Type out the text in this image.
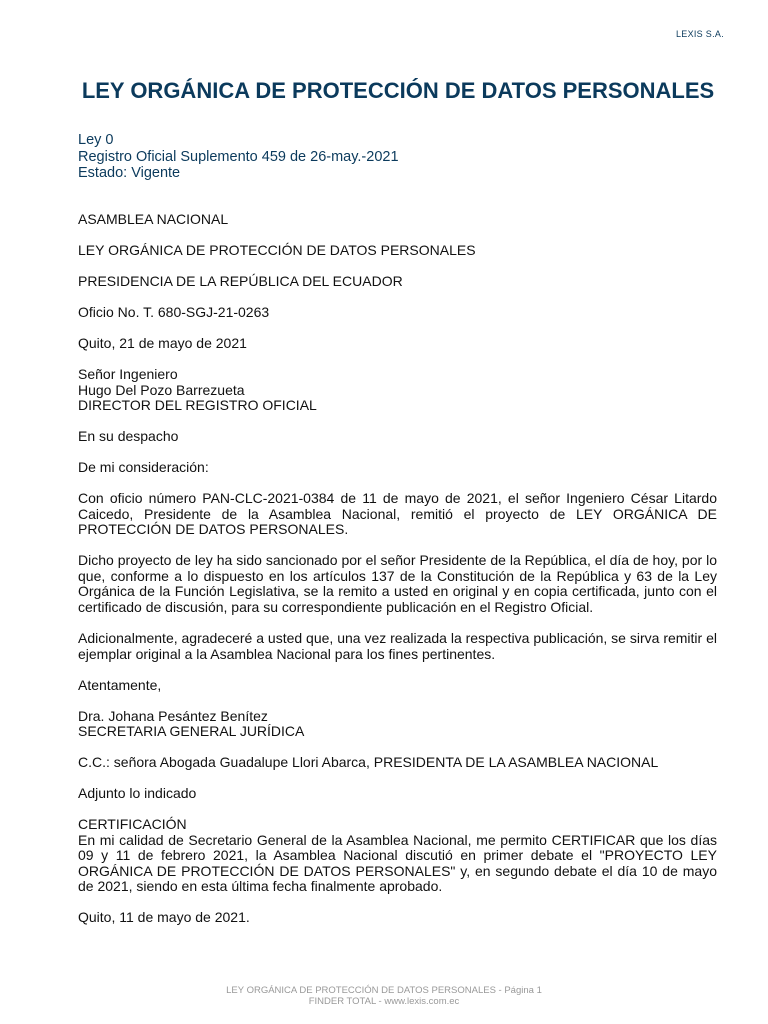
LEXIS S.A.
LEY ORGÁNICA DE PROTECCIÓN DE DATOS PERSONALES
Ley 0
Registro Oficial Suplemento 459 de 26-may.-2021
Estado: Vigente

ASAMBLEA NACIONAL

LEY ORGÁNICA DE PROTECCIÓN DE DATOS PERSONALES

PRESIDENCIA DE LA REPÚBLICA DEL ECUADOR

Oficio No. T. 680-SGJ-21-0263

Quito, 21 de mayo de 2021

Señor Ingeniero
Hugo Del Pozo Barrezueta
DIRECTOR DEL REGISTRO OFICIAL

En su despacho

De mi consideración:

Con oficio número PAN-CLC-2021-0384 de 11 de mayo de 2021, el señor Ingeniero César Litardo Caicedo, Presidente de la Asamblea Nacional, remitió el proyecto de LEY ORGÁNICA DE PROTECCIÓN DE DATOS PERSONALES.

Dicho proyecto de ley ha sido sancionado por el señor Presidente de la República, el día de hoy, por lo que, conforme a lo dispuesto en los artículos 137 de la Constitución de la República y 63 de la Ley Orgánica de la Función Legislativa, se la remito a usted en original y en copia certificada, junto con el certificado de discusión, para su correspondiente publicación en el Registro Oficial.

Adicionalmente, agradeceré a usted que, una vez realizada la respectiva publicación, se sirva remitir el ejemplar original a la Asamblea Nacional para los fines pertinentes.

Atentamente,

Dra. Johana Pesántez Benítez
SECRETARIA GENERAL JURÍDICA

C.C.: señora Abogada Guadalupe Llori Abarca, PRESIDENTA DE LA ASAMBLEA NACIONAL

Adjunto lo indicado

CERTIFICACIÓN
En mi calidad de Secretario General de la Asamblea Nacional, me permito CERTIFICAR que los días 09 y 11 de febrero 2021, la Asamblea Nacional discutió en primer debate el "PROYECTO LEY ORGÁNICA DE PROTECCIÓN DE DATOS PERSONALES" y, en segundo debate el día 10 de mayo de 2021, siendo en esta última fecha finalmente aprobado.

Quito, 11 de mayo de 2021.

LEY ORGÁNICA DE PROTECCIÓN DE DATOS PERSONALES - Página 1
FINDER TOTAL - www.lexis.com.ec
